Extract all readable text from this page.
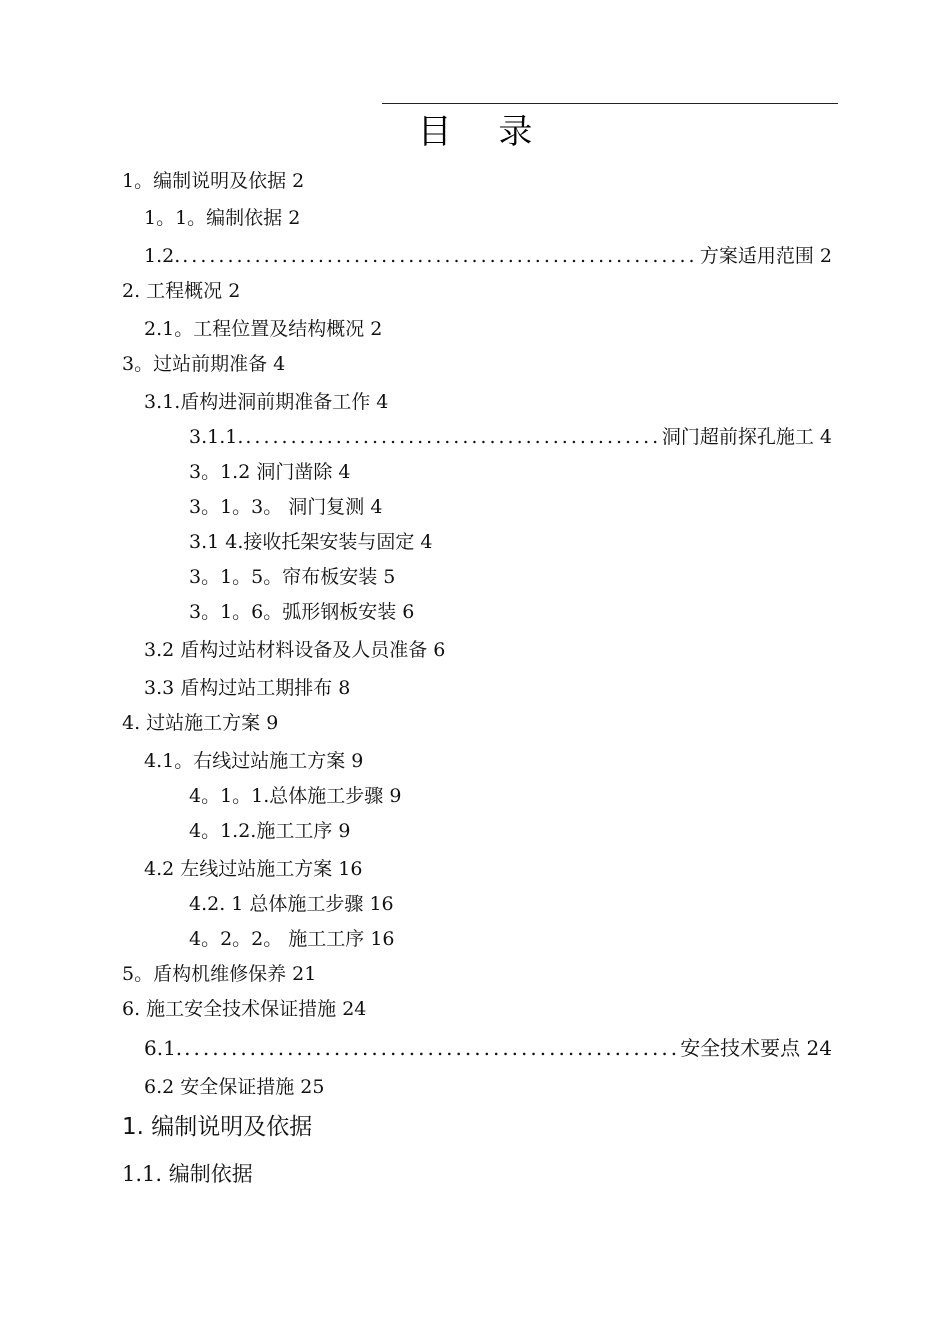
目 录
1。编制说明及依据 2
1。1。编制依据 2
1.2. .....	方案适用范围 2
2. 工程概况 2
2.1。工程位置及结构概况 2
3。过站前期准备 4
3.1.盾构进洞前期准备工作 4
3.1.1. .....	洞门超前探孔施工 4
3。1.2 洞门凿除 4
3。1。3。 洞门复测 4
3.1 4.接收托架安装与固定 4
3。1。5。帘布板安装 5
3。1。6。弧形钢板安装 6
3.2 盾构过站材料设备及人员准备 6
3.3 盾构过站工期排布 8
4. 过站施工方案 9
4.1。右线过站施工方案 9
4。1。1.总体施工步骤 9
4。1.2.施工工序 9
4.2 左线过站施工方案 16
4.2. 1 总体施工步骤 16
4。2。2。 施工工序 16
5。盾构机维修保养 21
6. 施工安全技术保证措施 24
6.1. .....	安全技术要点 24
6.2 安全保证措施 25
1. 编制说明及依据
1.1. 编制依据
